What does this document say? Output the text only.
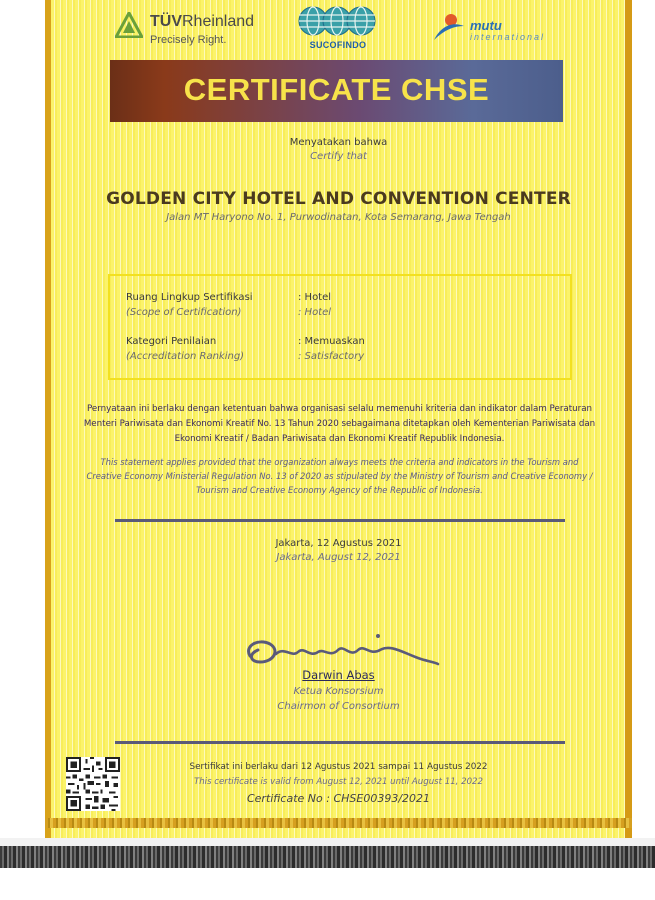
TÜVRheinland
Precisely Right.	SUCOFINDO
mutu
international
CERTIFICATE CHSE
Menyatakan bahwa
Certify that
GOLDEN CITY HOTEL AND CONVENTION CENTER
Jalan MT Haryono No. 1, Purwodinatan, Kota Semarang, Jawa Tengah
Ruang Lingkup Sertifikasi
(Scope of Certification)
: Hotel
: Hotel
Kategori Penilaian
(Accreditation Ranking)
: Memuaskan
: Satisfactory
Pernyataan ini berlaku dengan ketentuan bahwa organisasi selalu memenuhi kriteria dan indikator dalam Peraturan
Menteri Pariwisata dan Ekonomi Kreatif No. 13 Tahun 2020 sebagaimana ditetapkan oleh Kementerian Pariwisata dan
Ekonomi Kreatif / Badan Pariwisata dan Ekonomi Kreatif Republik Indonesia.
This statement applies provided that the organization always meets the criteria and indicators in the Tourism and
Creative Economy Ministerial Regulation No. 13 of 2020 as stipulated by the Ministry of Tourism and Creative Economy /
Tourism and Creative Economy Agency of the Republic of Indonesia.
Jakarta, 12 Agustus 2021
Jakarta, August 12, 2021
Darwin Abas
Ketua Konsorsium
Chairmon of Consortium
Sertifikat ini berlaku dari 12 Agustus 2021 sampai 11 Agustus 2022
This certificate is valid from August 12, 2021 until August 11, 2022
Certificate No : CHSE00393/2021
